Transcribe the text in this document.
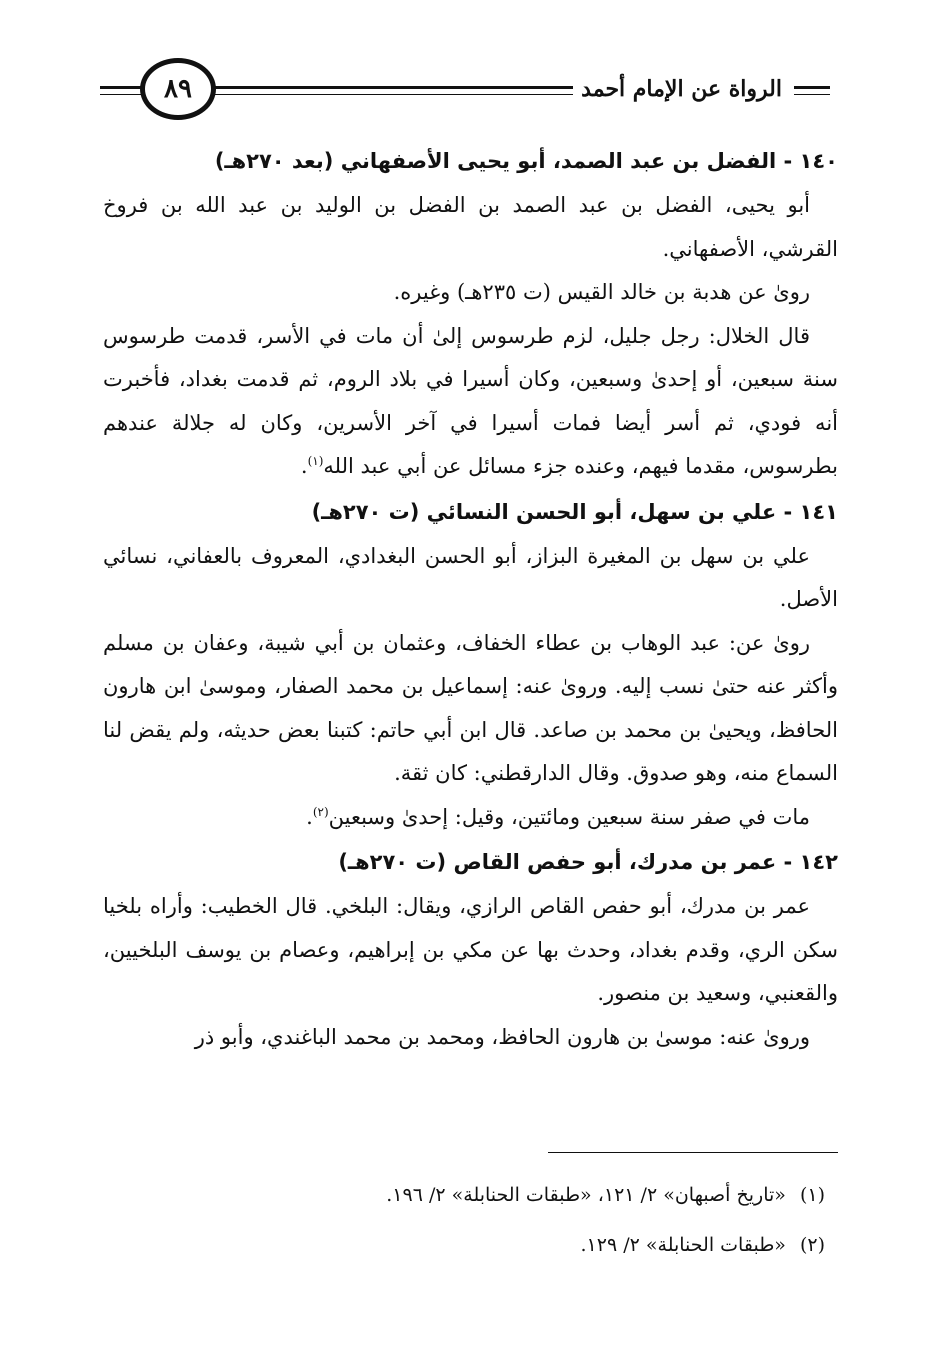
٨٩	الرواة عن الإمام أحمد
١٤٠ - الفضل بن عبد الصمد، أبو يحيى الأصفهاني (بعد ٢٧٠هـ)

أبو يحيى، الفضل بن عبد الصمد بن الفضل بن الوليد بن عبد الله بن فروخ القرشي، الأصفهاني.

روىٰ عن هدبة بن خالد القيس (ت ٢٣٥هـ) وغيره.

قال الخلال: رجل جليل، لزم طرسوس إلىٰ أن مات في الأسر، قدمت طرسوس سنة سبعين، أو إحدىٰ وسبعين، وكان أسيرا في بلاد الروم، ثم قدمت بغداد، فأخبرت أنه فودي، ثم أسر أيضا فمات أسيرا في آخر الأسرين، وكان له جلالة عندهم بطرسوس، مقدما فيهم، وعنده جزء مسائل عن أبي عبد الله$^{(١)}$.

١٤١ - علي بن سهل، أبو الحسن النسائي (ت ٢٧٠هـ)

علي بن سهل بن المغيرة البزاز، أبو الحسن البغدادي، المعروف بالعفاني، نسائي الأصل.

روىٰ عن: عبد الوهاب بن عطاء الخفاف، وعثمان بن أبي شيبة، وعفان بن مسلم وأكثر عنه حتىٰ نسب إليه. وروىٰ عنه: إسماعيل بن محمد الصفار، وموسىٰ ابن هارون الحافظ، ويحيىٰ بن محمد بن صاعد. قال ابن أبي حاتم: كتبنا بعض حديثه، ولم يقض لنا السماع منه، وهو صدوق. وقال الدارقطني: كان ثقة.

مات في صفر سنة سبعين ومائتين، وقيل: إحدىٰ وسبعين$^{(٢)}$.

١٤٢ - عمر بن مدرك، أبو حفص القاص (ت ٢٧٠هـ)

عمر بن مدرك، أبو حفص القاص الرازي، ويقال: البلخي. قال الخطيب: وأراه بلخيا سكن الري، وقدم بغداد، وحدث بها عن مكي بن إبراهيم، وعصام بن يوسف البلخيين، والقعنبي، وسعيد بن منصور.

وروىٰ عنه: موسىٰ بن هارون الحافظ، ومحمد بن محمد الباغندي، وأبو ذر

(١)«تاريخ أصبهان» ٢/ ١٢١، «طبقات الحنابلة» ٢/ ١٩٦.

(٢)«طبقات الحنابلة» ٢/ ١٢٩.
